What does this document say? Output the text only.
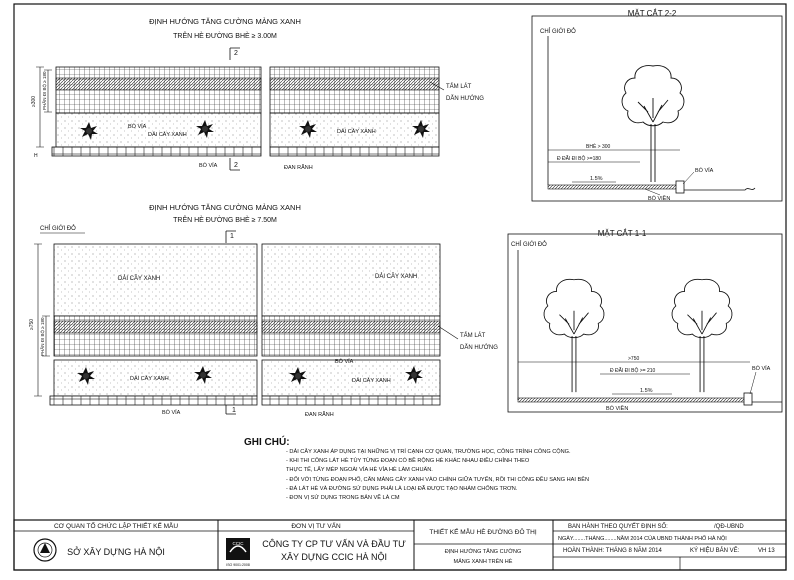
ĐỊNH HƯỚNG TĂNG CƯỜNG MẢNG XANH
TRÊN HÈ ĐƯỜNG BHÈ ≥ 3.00M
2
BÓ VỈA
DẢI CÂY XANH	DẢI CÂY XANH
BÓ VỈA	ĐAN RÃNH
TẤM LÁT
DẪN HƯỚNG
2
≥300 PHẦN ĐI BỘ ≥ 180
H
ĐỊNH HƯỚNG TĂNG CƯỜNG MẢNG XANH
TRÊN HÈ ĐƯỜNG BHÈ ≥ 7.50M
1
CHỈ GIỚI ĐỎ
DẢI CÂY XANH	DẢI CÂY XANH
DẢI CÂY XANH	DẢI CÂY XANH
BÓ VỈA
BÓ VỈA	ĐAN RÃNH
TẤM LÁT
DẪN HƯỚNG
1
≥750 PHẦN ĐI BỘ ≥ 180
MẶT CẮT 2-2
CHỈ GIỚI ĐỎ
BHÈ > 300
Đ ĐÃI ĐI BỘ >=180
1.5%
BÓ VỈA
BÓ VIỀN
MẶT CẮT 1-1
CHỈ GIỚI ĐỎ
>750
Đ ĐÃI ĐI BỘ >= 210
1.5%
BÓ VỈA
BÓ VIỀN
CCIC
ISO 9001:2008
CƠ QUAN TỔ CHỨC LẬP THIẾT KẾ MẪU
SỞ XÂY DỰNG HÀ NỘI
ĐƠN VỊ TƯ VẤN
CÔNG TY CP TƯ VẤN VÀ ĐẦU TƯ
XÂY DỰNG CCIC HÀ NỘI
THIẾT KẾ MẪU HÈ ĐƯỜNG ĐÔ THỊ
ĐỊNH HƯỚNG TĂNG CƯỜNG
MẢNG XANH TRÊN HÈ
BAN HÀNH THEO QUYẾT ĐỊNH SỐ:	/QĐ-UBND
NGÀY........THÁNG........NĂM 2014 CỦA UBND THÀNH PHỐ HÀ NỘI
HOÀN THÀNH: THÁNG 8 NĂM 2014	KÝ HIỆU BẢN VẼ:	VH 13
GHI CHÚ:
- DẢI CÂY XANH ÁP DỤNG TẠI NHỮNG VỊ TRÍ CẠNH CƠ QUAN, TRƯỜNG HỌC, CÔNG TRÌNH CÔNG CỘNG.
- KHI THI CÔNG LÁT HÈ TÙY TỪNG ĐOẠN CÓ BỀ RỘNG HÈ KHÁC NHAU ĐIỀU CHỈNH THEO
THỰC TẾ, LẤY MÉP NGOÀI VỈA HÈ VỈA HÈ LÀM CHUẨN.
- ĐỐI VỚI TỪNG ĐOẠN PHỐ, CĂN MẢNG CÂY XANH VÀO CHÍNH GIỮA TUYẾN, RỒI THI CÔNG ĐỀU SANG HAI BÊN
- ĐÁ LÁT HÈ VÀ ĐƯỜNG SỬ DỤNG PHẢI LÀ LOẠI ĐÃ ĐƯỢC TẠO NHÁM CHỐNG TRƠN.
- ĐƠN VỊ SỬ DỤNG TRONG BẢN VẼ LÀ CM
